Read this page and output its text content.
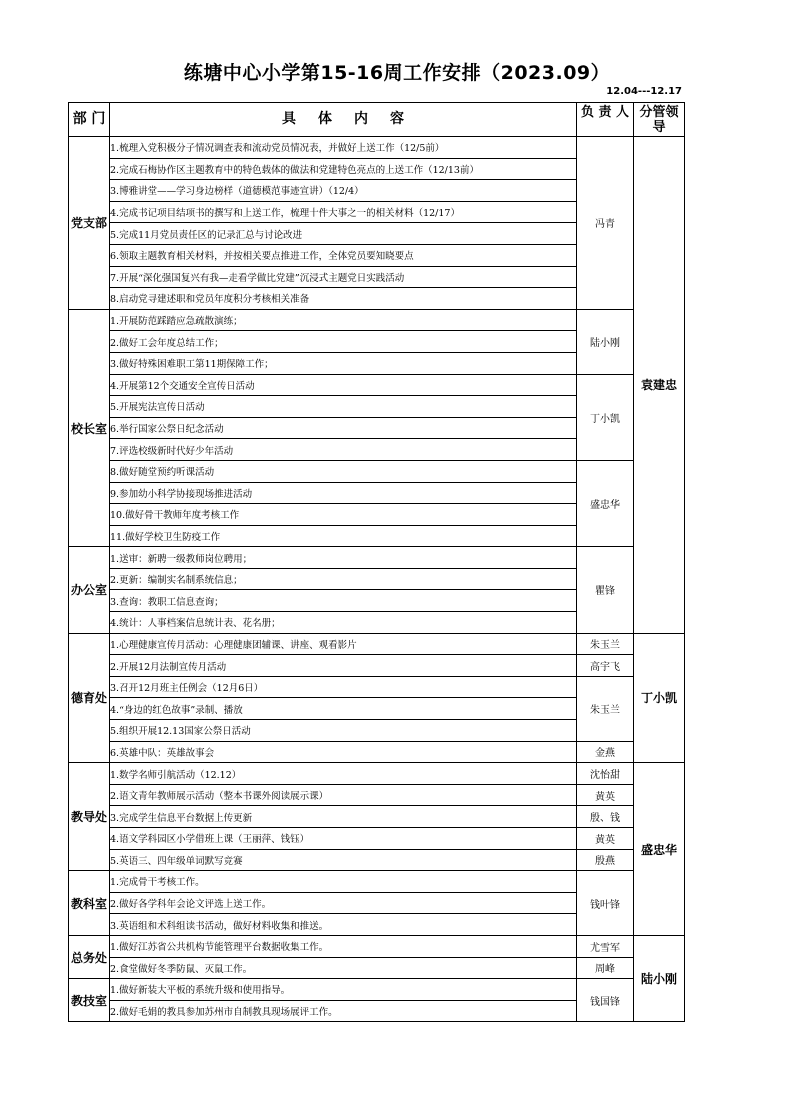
练塘中心小学第15-16周工作安排（2023.09）
12.04---12.17
部 门	具体内容	负 责 人	分管领导

党支部	1.梳理入党积极分子情况调查表和流动党员情况表，并做好上送工作（12/5前）	冯青	袁建忠
	2.完成石梅协作区主题教育中的特色载体的做法和党建特色亮点的上送工作（12/13前）		
	3.博雅讲堂——学习身边榜样（道德模范事迹宣讲）（12/4）		
	4.完成书记项目结项书的撰写和上送工作，梳理十件大事之一的相关材料（12/17）		
	5.完成11月党员责任区的记录汇总与讨论改进		
	6.领取主题教育相关材料，并按相关要点推进工作，全体党员要知晓要点		
	7.开展“深化强国复兴有我—走看学做比党建”沉浸式主题党日实践活动		
	8.启动党寻建述职和党员年度积分考核相关准备		
校长室	1.开展防范踩踏应急疏散演练；	陆小刚	
	2.做好工会年度总结工作；		
	3.做好特殊困难职工第11期保障工作；		
	4.开展第12个交通安全宣传日活动	丁小凯	
	5.开展宪法宣传日活动		
	6.举行国家公祭日纪念活动		
	7.评选校级新时代好少年活动		
	8.做好随堂预约听课活动	盛忠华	
	9.参加幼小科学协接现场推进活动		
	10.做好骨干教师年度考核工作		
	11.做好学校卫生防疫工作		
办公室	1.送审：新聘一级教师岗位聘用；	瞿锋	
	2.更新：编制实名制系统信息；		
	3.查询：教职工信息查询；		
	4.统计：人事档案信息统计表、花名册；		
德育处	1.心理健康宣传月活动：心理健康团辅课、讲座、观看影片	朱玉兰	丁小凯
	2.开展12月法制宣传月活动	高宇飞	
	3.召开12月班主任例会（12月6日）	朱玉兰	
	4.“身边的红色故事”录制、播放		
	5.组织开展12.13国家公祭日活动		
	6.英雄中队：英雄故事会	金燕	
教导处	1.数学名师引航活动（12.12）	沈怡甜	盛忠华
	2.语文青年教师展示活动（整本书课外阅读展示课）	黄英	
	3.完成学生信息平台数据上传更新	殷、钱	
	4.语文学科园区小学借班上课（王丽萍、钱钰）	黄英	
	5.英语三、四年级单词默写竞赛	殷燕	
教科室	1.完成骨干考核工作。	钱叶锋	
	2.做好各学科年会论文评选上送工作。		
	3.英语组和术科组读书活动，做好材料收集和推送。		
总务处	1.做好江苏省公共机构节能管理平台数据收集工作。	尤雪军	陆小刚
	2.食堂做好冬季防鼠、灭鼠工作。	周峰	
教技室	1.做好新装大平板的系统升级和使用指导。	钱国锋	
	2.做好毛娟的教具参加苏州市自制教具现场展评工作。		
